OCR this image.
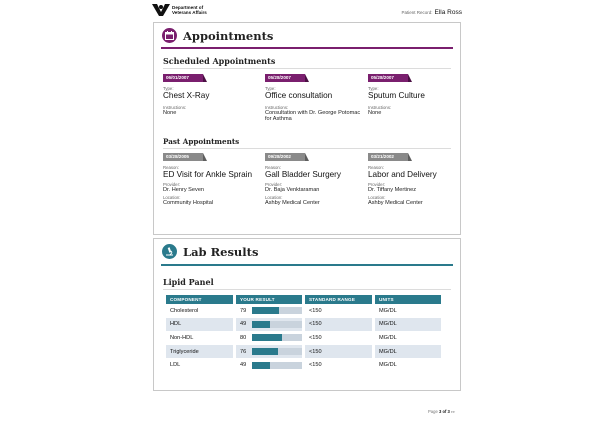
Department of
Veterans Affairs	Patient Record: Ella Ross
Appointments
Scheduled Appointments
06/01/2007
Type:
Chest X-Ray
Instructions:
None
05/28/2007
Type:
Office consultation
Instructions:
Consultation with Dr. George Potomac for Asthma
05/28/2007
Type:
Sputum Culture
Instructions:
None
Past Appointments
03/28/2005
Reason:
ED Visit for Ankle Sprain
Provider:
Dr. Henry Seven
Location:
Community Hospital
09/28/2002
Reason:
Gall Bladder Surgery
Provider:
Dr. Baja Venktaraman
Location:
Ashby Medical Center
03/21/2002
Reason:
Labor and Delivery
Provider:
Dr. Tiffany Mertinez
Location:
Ashby Medical Center
Lab Results
Lipid Panel
COMPONENT	YOUR RESULT	STANDARD RANGE	UNITS
Cholesterol	79	<150	MG/DL
HDL	49	<150	MG/DL
Non-HDL	80	<150	MG/DL
Triglyceride	76	<150	MG/DL
LDL	49	<150	MG/DL
Page 3 of 3 ▸▸
